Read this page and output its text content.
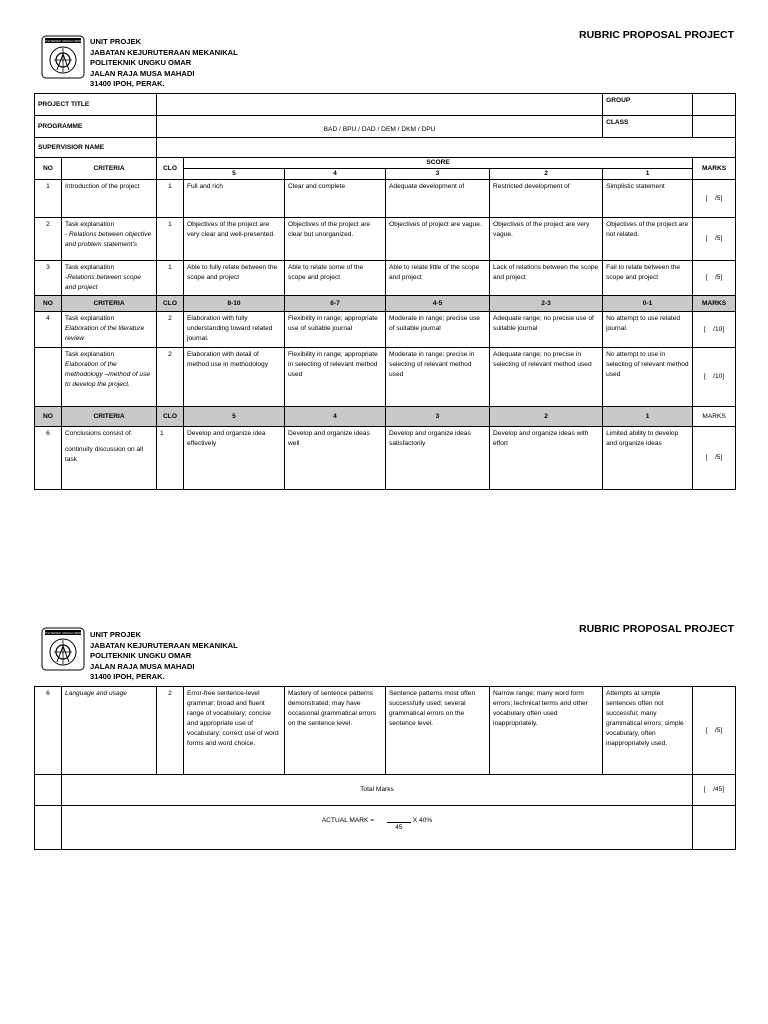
POLITEKNIK UNGKU OMAR UNIT PROJEK
JABATAN KEJURUTERAAN MEKANIKAL
POLITEKNIK UNGKU OMAR
JALAN RAJA MUSA MAHADI
31400 IPOH, PERAK.
RUBRIC PROPOSAL PROJECT
PROJECT TITLE							GROUP	
PROGRAMME		BAD / BPU / DAD / DEM / DKM / DPU					CLASS	
SUPERVISIOR NAME								
NO	CRITERIA	CLO	SCORE					MARKS
			5	4	3	2	1	
1	Introduction of the project	1	Full and rich	Clear and complete	Adequate development of	Restricted development of	Simplistic statement	[    /5]

2	Task explanation
- Relations between objective and problem statement's	1	Objectives of the project are very clear and well-presented.	Objectives of the project are clear but unorganized.	Objectives of project are vague.	Objectives of the project are very vague.	Objectives of the project are not related.	[    /5]

3	Task explanation
-Relations between scope and project	1	Able to fully relate between the scope and project	Able to relate some of the scope and project	Able to relate little of the scope and project	Lack of relations between the scope and project	Fail to relate between the scope and project	[    /5]

NO	CRITERIA	CLO	8-10	6-7	4-5	2-3	0-1	MARKS
4	Task explanation
Elaboration of the literature review	2	Elaboration with fully understanding toward related journal.	Flexibility in range; appropriate use of suitable journal	Moderate in range; precise use of suitable journal	Adequate range; no precise use of suitable journal	No attempt to use related journal.	[    /10]

	Task explanation
Elaboration of the methodology –method of use to develop the project.	2	Elaboration with detail of method use in methodology	Flexibility in range; appropriate in selecting of relevant method used	Moderate in range; precise in selecting of relevant method used	Adequate range; no precise in selecting of relevant method used	No attempt to use in selecting of relevant method used	[    /10]

NO	CRITERIA	CLO	5	4	3	2	1	MARKS
6	Conclusions consist of:
continuity discussion on all task	1	Develop and organize idea effectively	Develop and organize ideas well	Develop and organize ideas satisfactorily	Develop and organize ideas with effort	Limited ability to develop and organize ideas	[    /5]
POLITEKNIK UNGKU OMAR UNIT PROJEK
JABATAN KEJURUTERAAN MEKANIKAL
POLITEKNIK UNGKU OMAR
JALAN RAJA MUSA MAHADI
31400 IPOH, PERAK.
RUBRIC PROPOSAL PROJECT
6	Language and usage	2	Error-free sentence-level grammar; broad and fluent range of vocabulary; concise and appropriate use of vocabulary; correct use of word forms and word choice.	Mastery of sentence patterns demonstrated; may have occasional grammatical errors on the sentence level.	Sentence patterns most often successfully used; several grammatical errors on the sentence level.	Narrow range; many word form errors; technical terms and other vocabulary often used inappropriately.	Attempts at simple sentences often not successful; many grammatical errors; simple vocabulary, often inappropriately used.	[    /5]

	Total Marks							[    /45]

	ACTUAL MARK =
45
X 40%							
